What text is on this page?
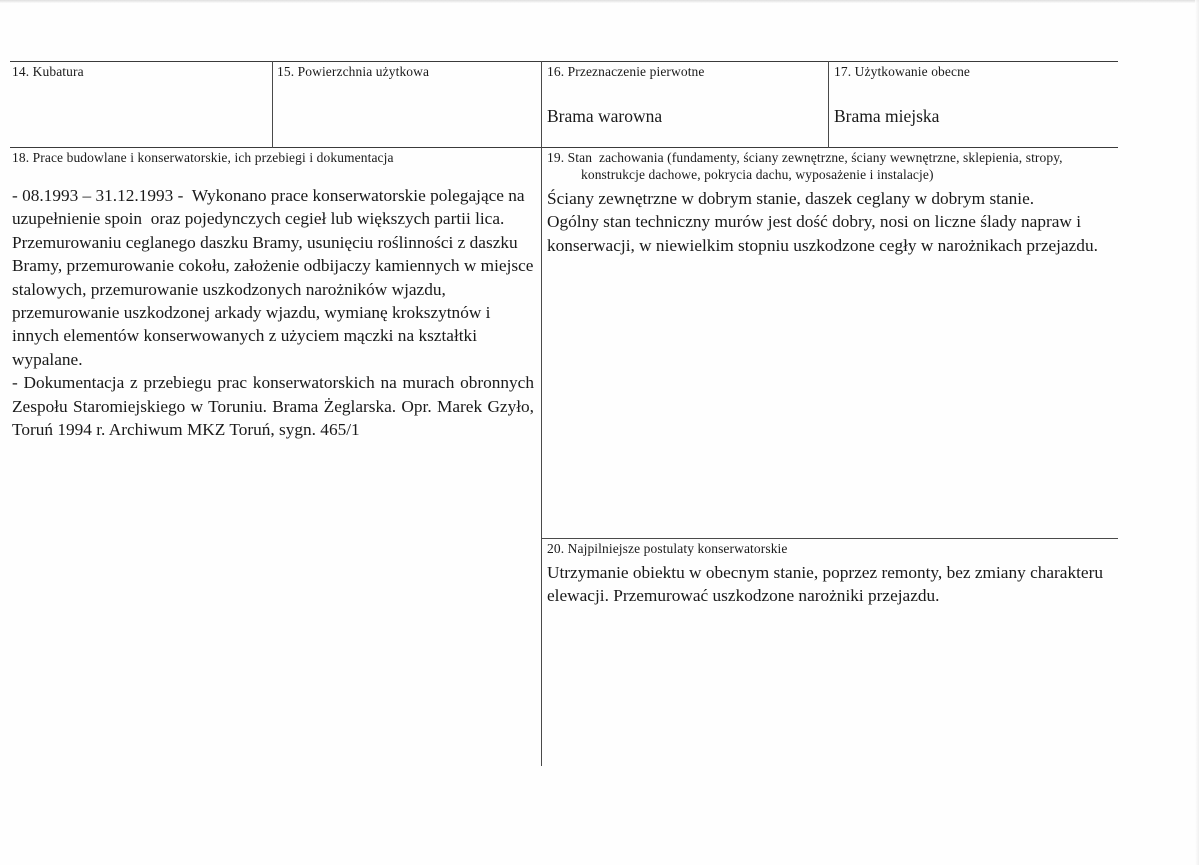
14. Kubatura	15. Powierzchnia użytkowa	16. Przeznaczenie pierwotne
Brama warowna
17. Użytkowanie obecne
Brama miejska
18. Prace budowlane i konserwatorskie, ich przebiegi i dokumentacja

- 08.1993 – 31.12.1993 -  Wykonano prace konserwatorskie polegające na uzupełnienie spoin  oraz pojedynczych cegieł lub większych partii lica. Przemurowaniu ceglanego daszku Bramy, usunięciu roślinności z daszku Bramy, przemurowanie cokołu, założenie odbijaczy kamiennych w miejsce stalowych, przemurowanie uszkodzonych narożników wjazdu, przemurowanie uszkodzonej arkady wjazdu, wymianę krokszytnów i innych elementów konserwowanych z użyciem mączki na kształtki wypalane.

- Dokumentacja z przebiegu prac konserwatorskich na murach obronnych Zespołu Staromiejskiego w Toruniu. Brama Żeglarska. Opr. Marek Gzyło, Toruń 1994 r. Archiwum MKZ Toruń, sygn. 465/1

19. Stan  zachowania (fundamenty, ściany zewnętrzne, ściany wewnętrzne, sklepienia, stropy,
konstrukcje dachowe, pokrycia dachu, wyposażenie i instalacje)

Ściany zewnętrzne w dobrym stanie, daszek ceglany w dobrym stanie.

Ogólny stan techniczny murów jest dość dobry, nosi on liczne ślady napraw i konserwacji, w niewielkim stopniu uszkodzone cegły w narożnikach przejazdu.

20. Najpilniejsze postulaty konserwatorskie

Utrzymanie obiektu w obecnym stanie, poprzez remonty, bez zmiany charakteru elewacji. Przemurować uszkodzone narożniki przejazdu.
